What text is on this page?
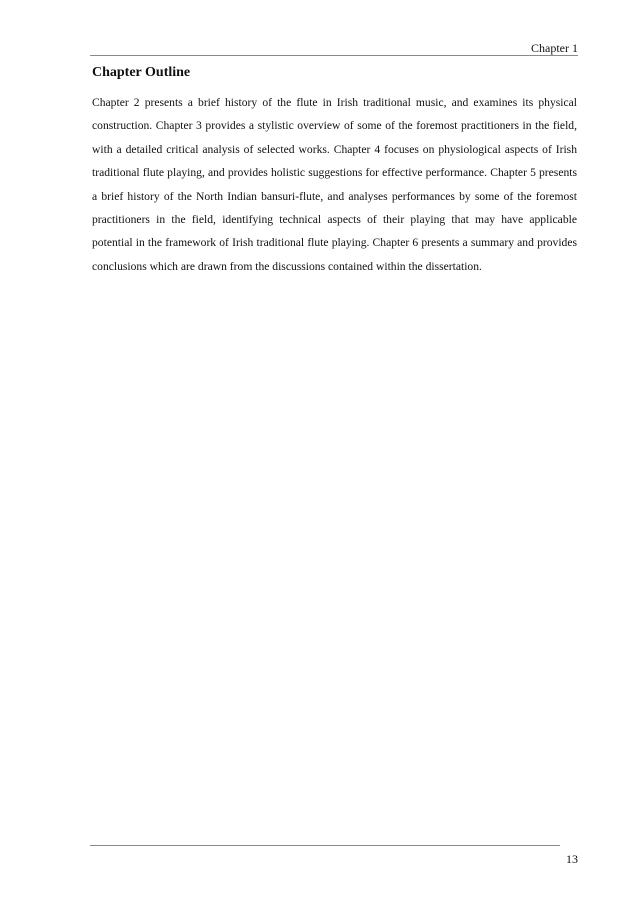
Chapter 1
Chapter Outline

Chapter 2 presents a brief history of the flute in Irish traditional music, and examines its physical construction. Chapter 3 provides a stylistic overview of some of the foremost practitioners in the field, with a detailed critical analysis of selected works. Chapter 4 focuses on physiological aspects of Irish traditional flute playing, and provides holistic suggestions for effective performance. Chapter 5 presents a brief history of the North Indian bansuri-flute, and analyses performances by some of the foremost practitioners in the field, identifying technical aspects of their playing that may have applicable potential in the framework of Irish traditional flute playing. Chapter 6 presents a summary and provides conclusions which are drawn from the discussions contained within the dissertation.

13
